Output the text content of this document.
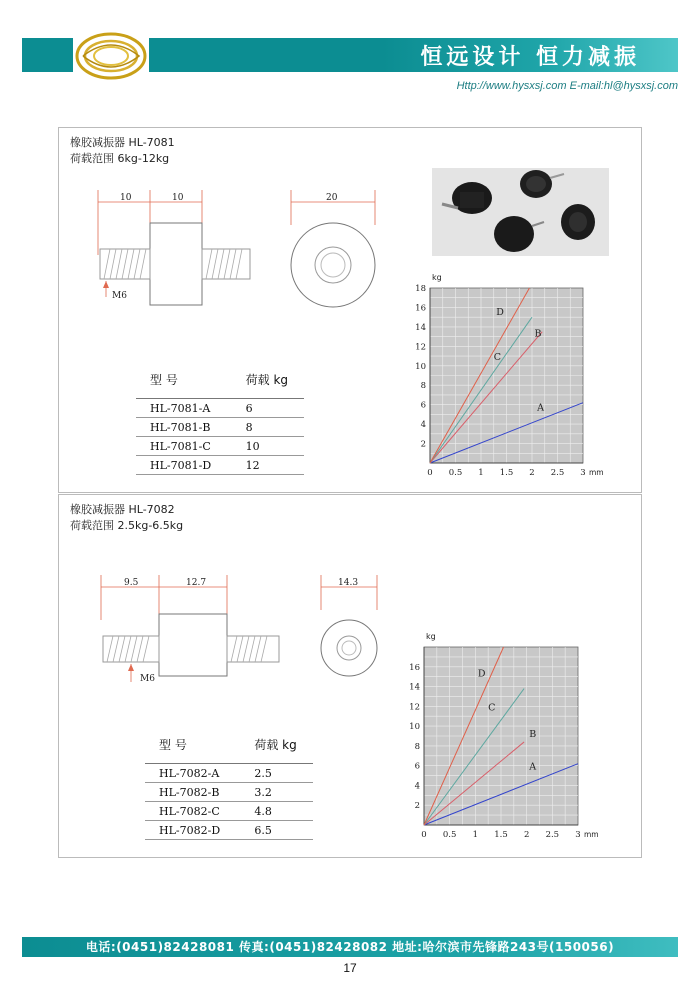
恒远设计 恒力减振
Http://www.hysxsj.com E-mail:hl@hysxsj.com
橡胶减振器 HL-7081
荷载范围 6kg-12kg
10	10
M6
20
型 号	荷载 kg
HL-7081-A	6
HL-7081-B	8
HL-7081-C	10
HL-7081-D	12
2
4
6
8
10
12
14
16
18
0 0.5 1 1.5 2 2.5 3
kg
mm
A
B
C
D
橡胶减振器 HL-7082
荷载范围 2.5kg-6.5kg
9.5	12.7
M6
14.3
型 号	荷载 kg
HL-7082-A	2.5
HL-7082-B	3.2
HL-7082-C	4.8
HL-7082-D	6.5
2
4
6
8
10
12
14
16
0 0.5 1 1.5 2 2.5 3
kg
mm
A
B
C
D
电话:(0451)82428081 传真:(0451)82428082 地址:哈尔滨市先锋路243号(150056)
17
